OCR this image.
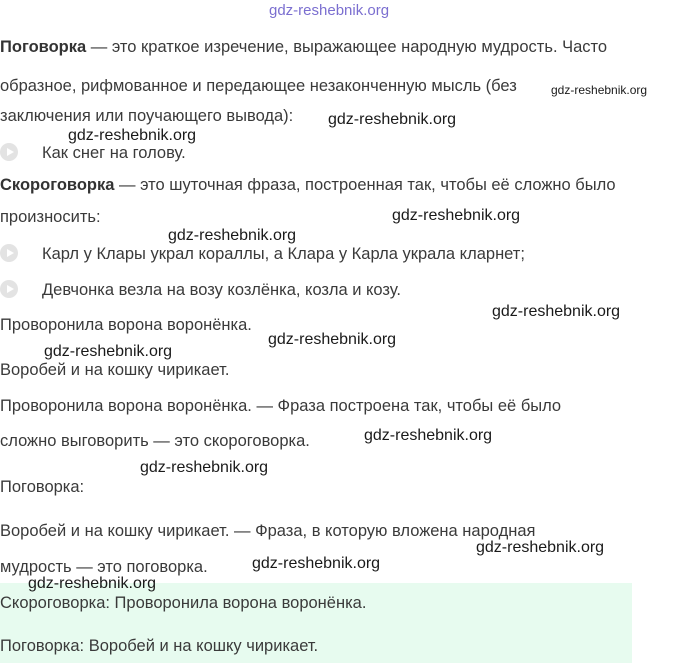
Поговорка — это краткое изречение, выражающее народную мудрость. Часто
образное, рифмованное и передающее незаконченную мысль (без
заключения или поучающего вывода):
Как снег на голову.
Скороговорка — это шуточная фраза, построенная так, чтобы её сложно было
произносить:
Карл у Клары украл кораллы, а Клара у Карла украла кларнет;
Девчонка везла на возу козлёнка, козла и козу.
Проворонила ворона воронёнка.
Воробей и на кошку чирикает.
Проворонила ворона воронёнка. — Фраза построена так, чтобы её было
сложно выговорить — это скороговорка.
Поговорка:
Воробей и на кошку чирикает. — Фраза, в которую вложена народная
мудрость — это поговорка.
Скороговорка: Проворонила ворона воронёнка.
Поговорка: Воробей и на кошку чирикает.
gdz-reshebnik.org
gdz-reshebnik.org
gdz-reshebnik.org
gdz-reshebnik.org
gdz-reshebnik.org
gdz-reshebnik.org
gdz-reshebnik.org
gdz-reshebnik.org
gdz-reshebnik.org
gdz-reshebnik.org
gdz-reshebnik.org
gdz-reshebnik.org
gdz-reshebnik.org
gdz-reshebnik.org
